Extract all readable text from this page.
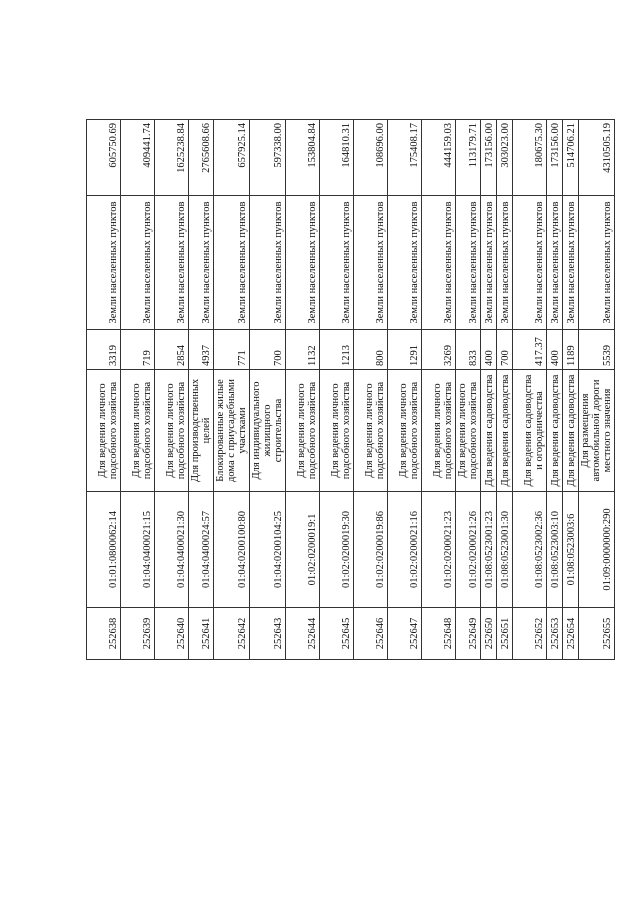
252638	01:01:0800062:14	Для ведения личного подсобного хозяйства	3319	Земли населенных пунктов	605750.69
252639	01:04:0400021:15	Для ведения личного подсобного хозяйства	719	Земли населенных пунктов	409441.74
252640	01:04:0400021:30	Для ведения личного подсобного хозяйства	2854	Земли населенных пунктов	1625238.84
252641	01:04:0400024:57	Для производственных целей	4937	Земли населенных пунктов	2765608.66
252642	01:04:0200100:80	Блокированные жилые дома с приусадебными участками	771	Земли населенных пунктов	657925.14
252643	01:04:0200104:25	Для индивидуального жилищного строительства	700	Земли населенных пунктов	597338.00
252644	01:02:0200019:1	Для ведения личного подсобного хозяйства	1132	Земли населенных пунктов	153804.84
252645	01:02:0200019:30	Для ведения личного подсобного хозяйства	1213	Земли населенных пунктов	164810.31
252646	01:02:0200019:86	Для ведения личного подсобного хозяйства	800	Земли населенных пунктов	108696.00
252647	01:02:0200021:16	Для ведения личного подсобного хозяйства	1291	Земли населенных пунктов	175408.17
252648	01:02:0200021:23	Для ведения личного подсобного хозяйства	3269	Земли населенных пунктов	444159.03
252649	01:02:0200021:26	Для ведения личного подсобного хозяйства	833	Земли населенных пунктов	113179.71
252650	01:08:0523001:23	Для ведения садоводства	400	Земли населенных пунктов	173156.00
252651	01:08:0523001:30	Для ведения садоводства	700	Земли населенных пунктов	303023.00
252652	01:08:0523002:36	Для ведения садоводства и огородничества	417.37	Земли населенных пунктов	180675.30
252653	01:08:0523003:10	Для ведения садоводства	400	Земли населенных пунктов	173156.00
252654	01:08:0523003:6	Для ведения садоводства	1189	Земли населенных пунктов	514706.21
252655	01:09:0000000:290	Для размещения автомобильной дороги местного значения	5539	Земли населенных пунктов	4310505.19
